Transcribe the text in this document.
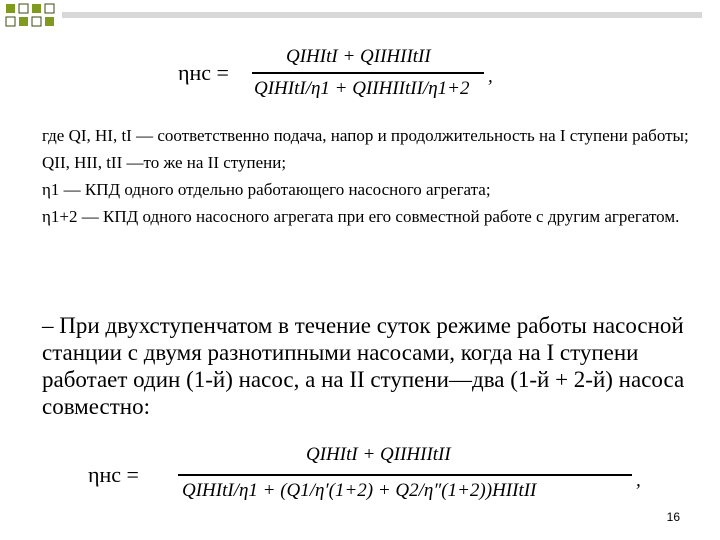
ηнс =
QIHItI + QIIHIItII
QIHItI/η1 + QIIHIItII/η1+2
,

где QI, HI, tI — соответственно подача, напор и продолжительность на I ступени работы;

QII, HII, tII —то же на II ступени;

η1 — КПД одного отдельно работающего насосного агрегата;

η1+2 — КПД одного насосного агрегата при его совместной работе с другим агрегатом.

– При двухступенчатом в течение суток режиме работы насосной станции с двумя разнотипными насосами, когда на I ступени работает один (1-й) насос, а на II ступени—два (1-й + 2-й) насоса совместно:
ηнс =
QIHItI + QIIHIItII
QIHItI/η1 + (Q1/η′(1+2) + Q2/η″(1+2))HIItII	,
16
